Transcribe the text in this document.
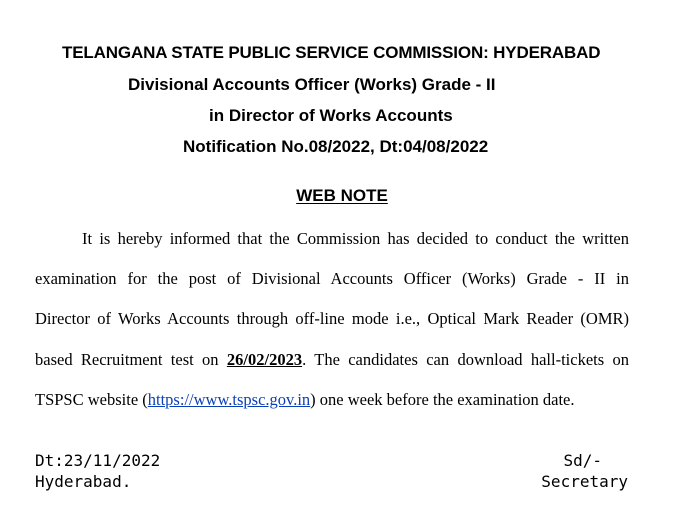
TELANGANA STATE PUBLIC SERVICE COMMISSION: HYDERABAD
Divisional Accounts Officer (Works) Grade - II
in Director of Works Accounts
Notification No.08/2022, Dt:04/08/2022
WEB NOTE
It is hereby informed that the Commission has decided to conduct the written
examination for the post of Divisional Accounts Officer (Works) Grade - II in
Director of Works Accounts through off-line mode i.e., Optical Mark Reader (OMR)
based Recruitment test on 26/02/2023. The candidates can download hall-tickets on
TSPSC website (https://www.tspsc.gov.in) one week before the examination date.
Dt:23/11/2022
Hyderabad.
Sd/-
Secretary
